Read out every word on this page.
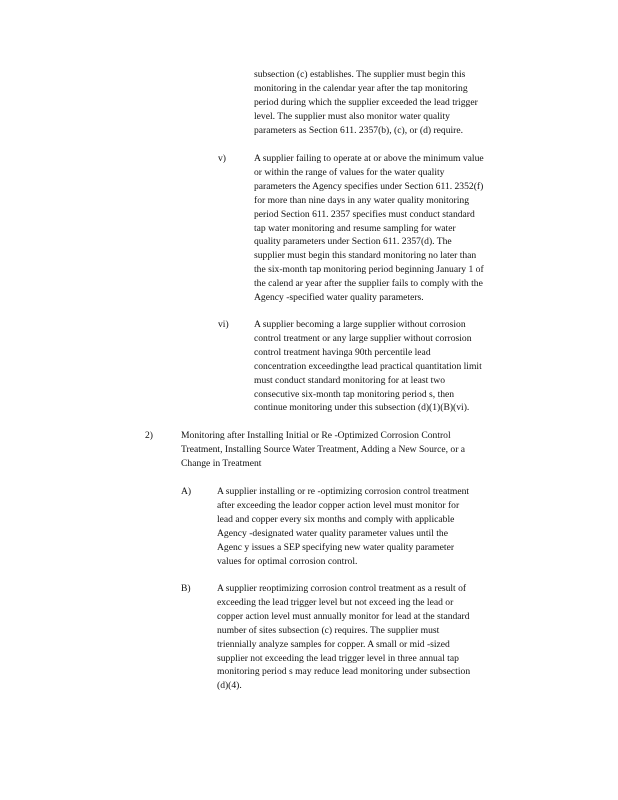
subsection (c) establishes. The supplier must begin this

monitoring in the calendar year after the tap monitoring

period during which the supplier exceeded the lead trigger

level. The supplier must also monitor water quality

parameters as Section 611. 2357(b), (c), or (d) require.

v)	A supplier failing to operate at or above the minimum value

or within the range of values for the water quality

parameters the Agency specifies under Section 611. 2352(f)

for more than nine days in any water quality monitoring

period Section 611. 2357 specifies must conduct standard

tap water monitoring and resume sampling for water

quality parameters under Section 611. 2357(d). The

supplier must begin this standard monitoring no later than

the six-month tap monitoring period beginning January 1 of

the calend ar year after the supplier fails to comply with the

Agency -specified water quality parameters.

vi)	A supplier becoming a large supplier without corrosion

control treatment or any large supplier without corrosion

control treatment havinga 90th percentile lead

concentration exceedingthe lead practical quantitation limit

must conduct standard monitoring for at least two

consecutive six-month tap monitoring period s, then

continue monitoring under this subsection (d)(1)(B)(vi).

2)	Monitoring after Installing Initial or Re -Optimized Corrosion Control

Treatment, Installing Source Water Treatment, Adding a New Source, or a

Change in Treatment

A)	A supplier installing or re -optimizing corrosion control treatment

after exceeding the leador copper action level must monitor for

lead and copper every six months and comply with applicable

Agency -designated water quality parameter values until the

Agenc y issues a SEP specifying new water quality parameter

values for optimal corrosion control.

B)	A supplier reoptimizing corrosion control treatment as a result of

exceeding the lead trigger level but not exceed ing the lead or

copper action level must annually monitor for lead at the standard

number of sites subsection (c) requires. The supplier must

triennially analyze samples for copper. A small or mid -sized

supplier not exceeding the lead trigger level in three annual tap

monitoring period s may reduce lead monitoring under subsection

(d)(4).
